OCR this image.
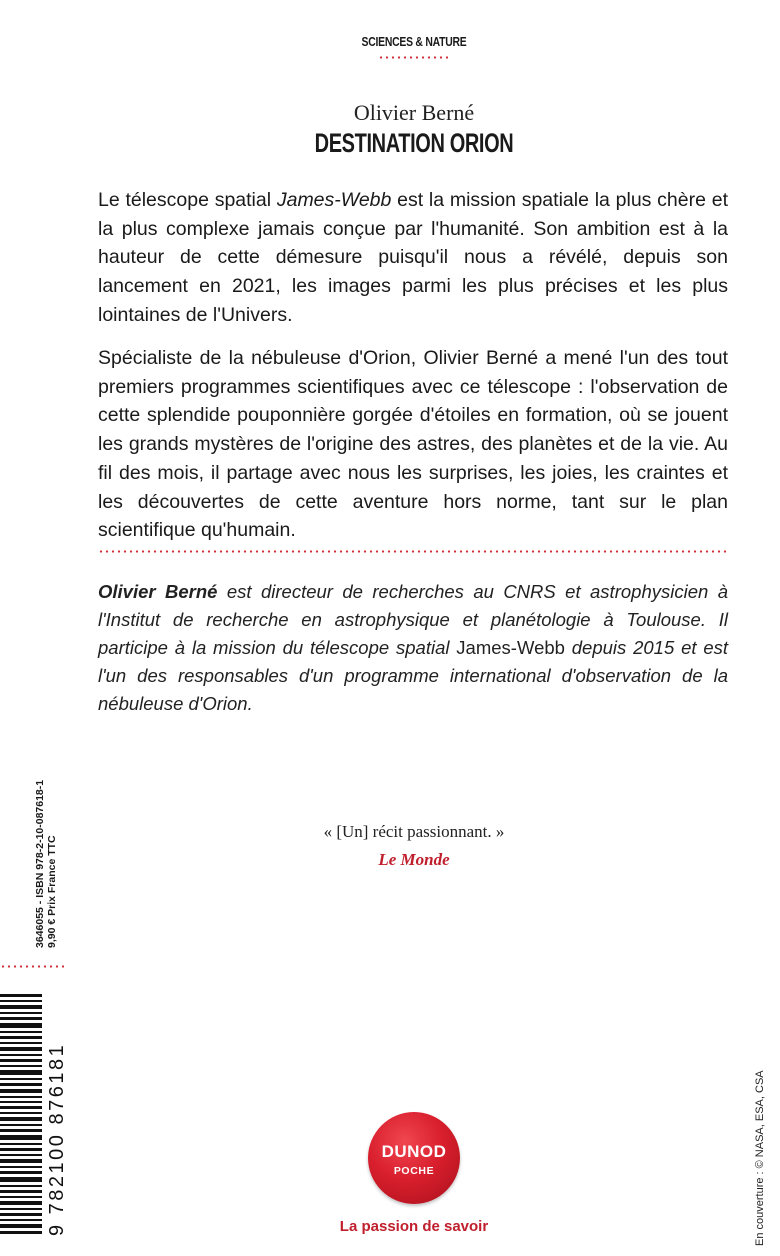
SCIENCES & NATURE
Olivier Berné
DESTINATION ORION

Le télescope spatial James-Webb est la mission spatiale la plus chère et la plus complexe jamais conçue par l'humanité. Son ambition est à la hauteur de cette démesure puisqu'il nous a révélé, depuis son lancement en 2021, les images parmi les plus précises et les plus lointaines de l'Univers.

Spécialiste de la nébuleuse d'Orion, Olivier Berné a mené l'un des tout premiers programmes scientifiques avec ce télescope : l'observation de cette splendide pouponnière gorgée d'étoiles en formation, où se jouent les grands mystères de l'origine des astres, des planètes et de la vie. Au fil des mois, il partage avec nous les surprises, les joies, les craintes et les découvertes de cette aventure hors norme, tant sur le plan scientifique qu'humain.

Olivier Berné est directeur de recherches au CNRS et astrophysicien à l'Institut de recherche en astrophysique et planétologie à Toulouse. Il participe à la mission du télescope spatial James-Webb depuis 2015 et est l'un des responsables d'un programme international d'observation de la nébuleuse d'Orion.

3646055 - ISBN 978-2-10-087618-1 9,90 € Prix France TTC
« [Un] récit passionnant. »
Le Monde
9 782100 876181	En couverture : © NASA, ESA, CSA
DUNOD
POCHE
La passion de savoir
